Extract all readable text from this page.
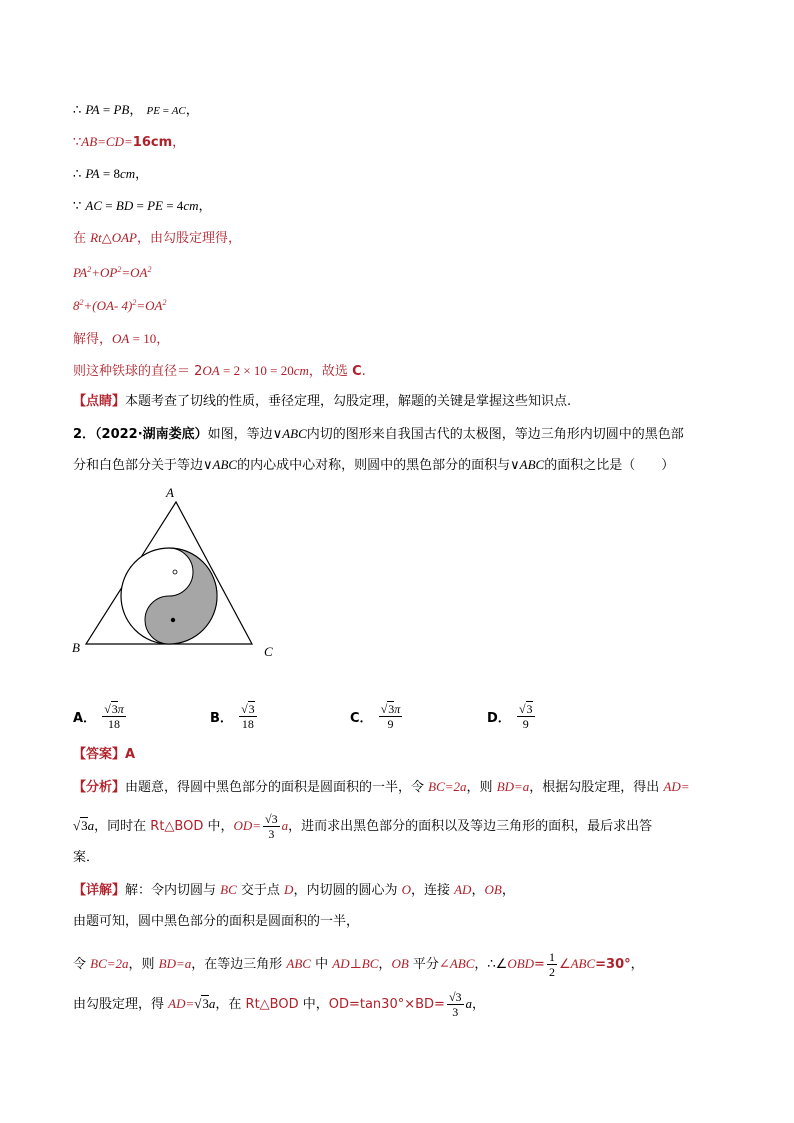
∴ PA = PB， PE = AC，
∵AB=CD=16cm，
∴ PA = 8cm，
∵ AC = BD = PE = 4cm，
在 Rt△OAP，由勾股定理得，
$PA^2+OP^2=OA^2$
$8^2+(OA-$ $4)^2=OA^2$
解得，OA = 10，
则这种铁球的直径＝ 2OA = 2 × 10 = 20cm，故选 C.
【点睛】本题考查了切线的性质，垂径定理，勾股定理，解题的关键是掌握这些知识点.
2．（2022·湖南娄底）如图，等边∨ABC内切的图形来自我国古代的太极图，等边三角形内切圆中的黑色部
分和白色部分关于等边∨ABC的内心成中心对称，则圆中的黑色部分的面积与∨ABC的面积之比是（　　）
A
B	C
A． $\frac{√3\pi}{18}$	B． $\frac{√3}{18}$	C． $\frac{√3\pi}{9}$	D． $\frac{√3}{9}$
【答案】A
【分析】由题意，得圆中黑色部分的面积是圆面积的一半，令 BC=2a，则 BD=a，根据勾股定理，得出 AD=
√3a，同时在 Rt△BOD 中，$OD= \frac{√3}{3}$ a，进而求出黑色部分的面积以及等边三角形的面积，最后求出答
案．
【详解】解：令内切圆与 BC 交于点 D，内切圆的圆心为 O，连接 AD，OB，
由题可知，圆中黑色部分的面积是圆面积的一半，
令 BC=2a，则 BD=a，在等边三角形 ABC 中 AD⊥BC，OB 平分∠ABC，∴∠OBD= $\frac{1}{2}$ ∠ABC=30°，
由勾股定理，得 AD=√3a，在 Rt△BOD 中，$OD=\tan 30^\circ\times BD= \frac{√3}{3}$ a，
